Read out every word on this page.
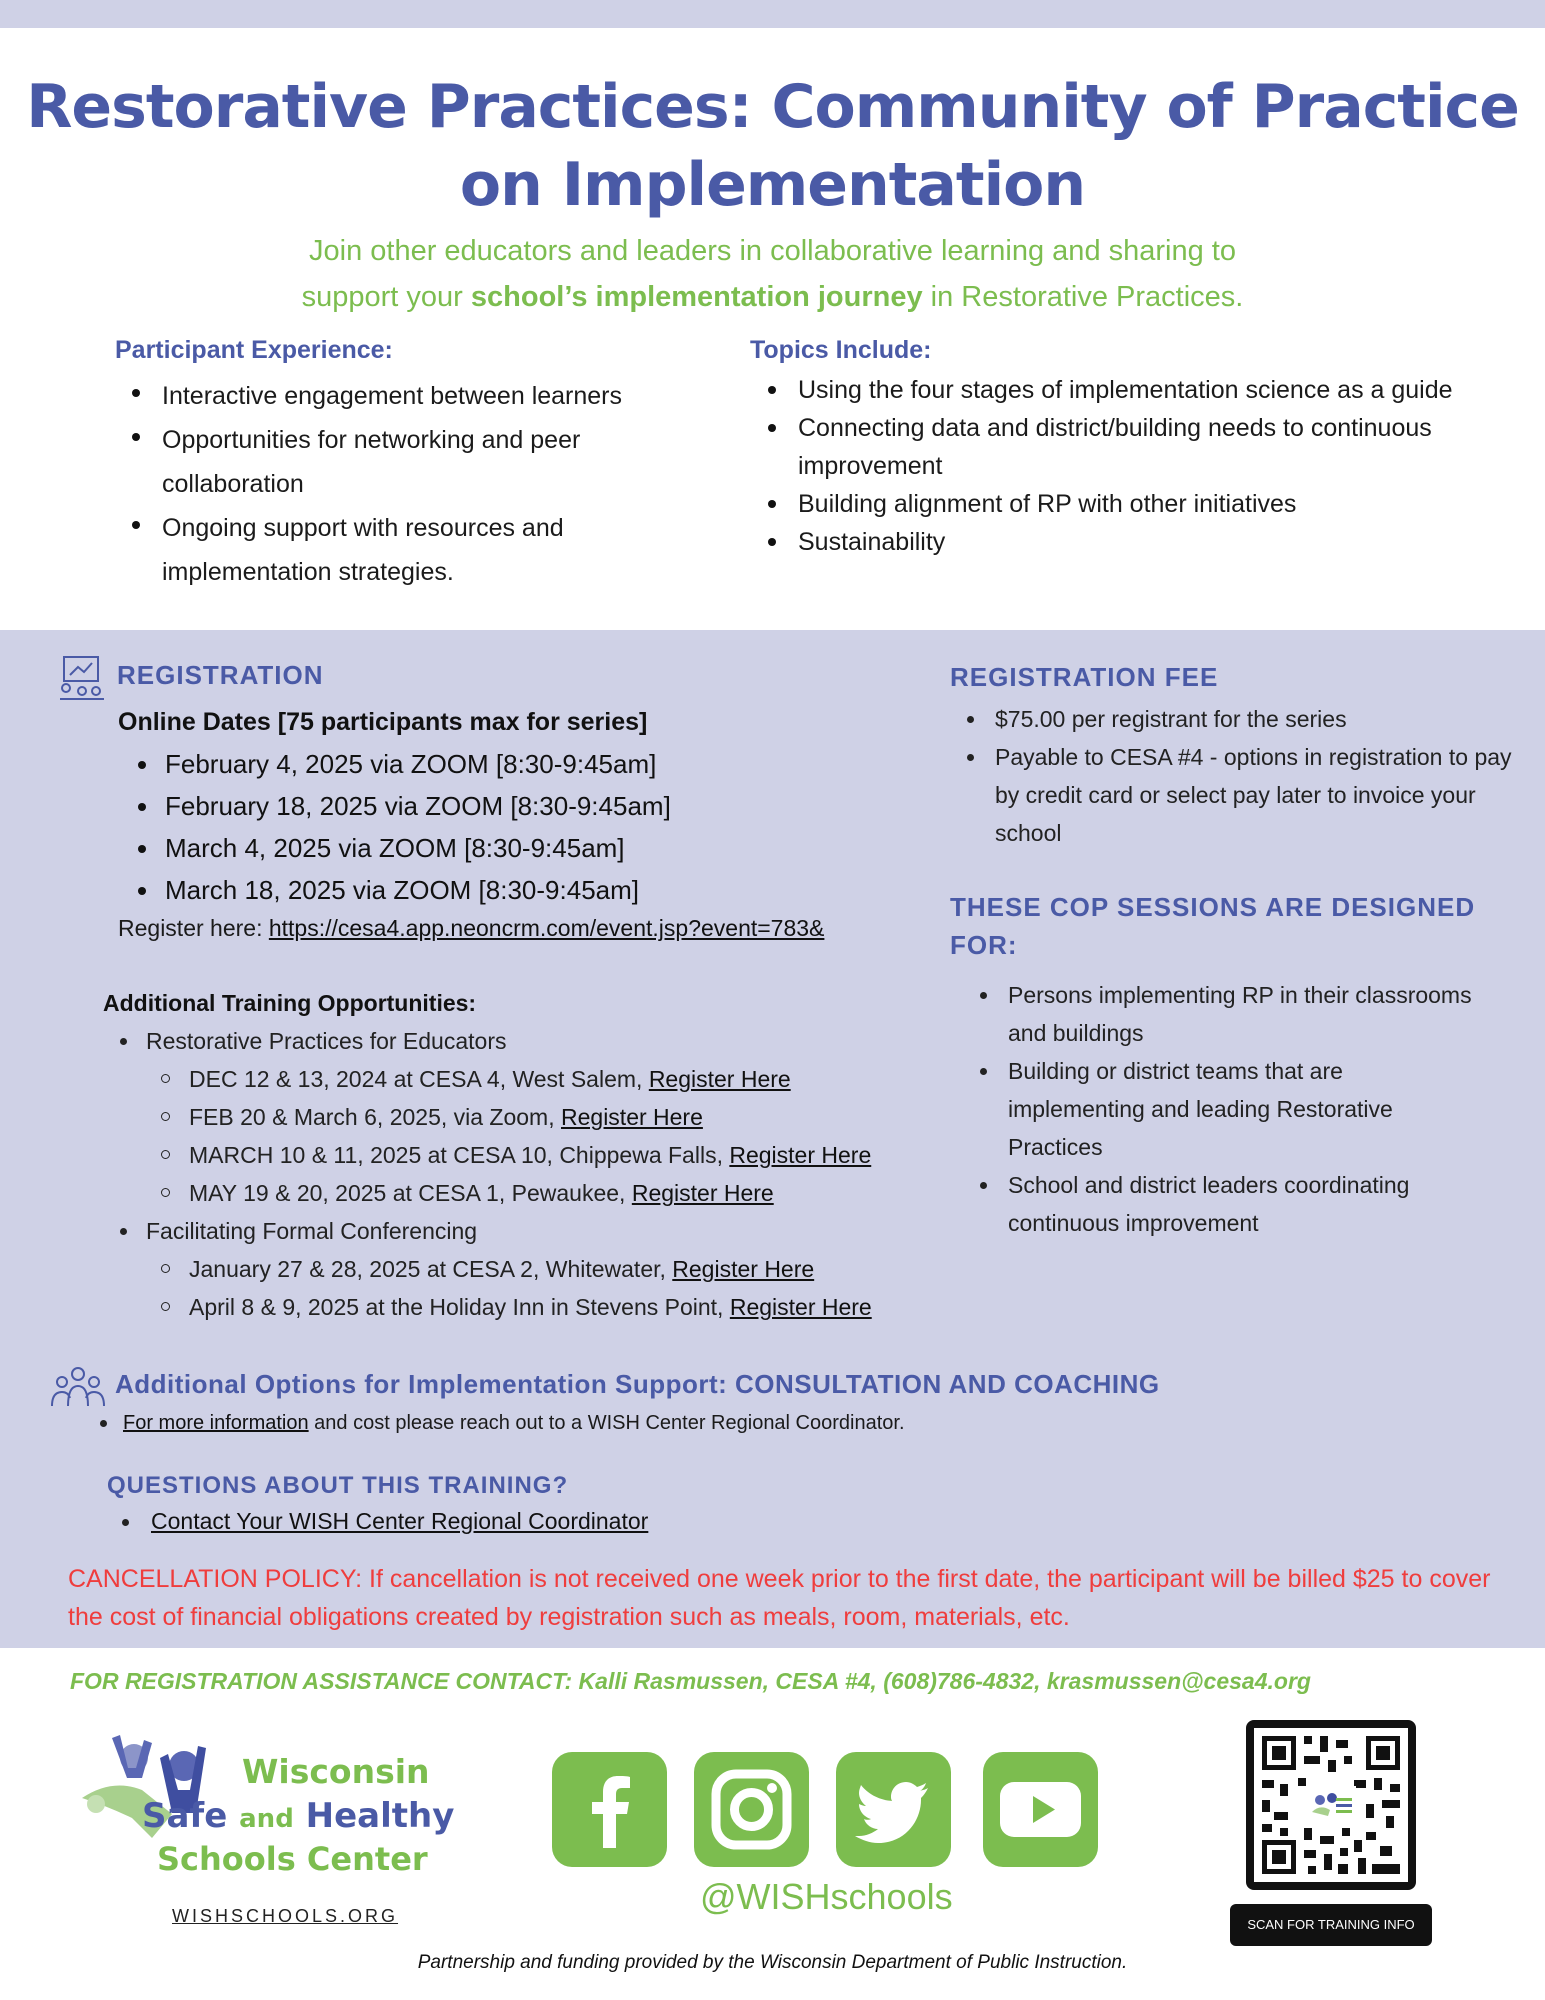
Restorative Practices: Community of Practice
on Implementation
Join other educators and leaders in collaborative learning and sharing to
support your school’s implementation journey in Restorative Practices.
Participant Experience:
Interactive engagement between learners
Opportunities for networking and peer collaboration
Ongoing support with resources and implementation strategies.
Topics Include:
Using the four stages of implementation science as a guide
Connecting data and district/building needs to continuous improvement
Building alignment of RP with other initiatives
Sustainability
REGISTRATION
Online Dates [75 participants max for series]
February 4, 2025 via ZOOM [8:30-9:45am]
February 18, 2025 via ZOOM [8:30-9:45am]
March 4, 2025 via ZOOM [8:30-9:45am]
March 18, 2025 via ZOOM [8:30-9:45am]
Register here: https://cesa4.app.neoncrm.com/event.jsp?event=783&
Additional Training Opportunities:
Restorative Practices for Educators
DEC 12 & 13, 2024 at CESA 4, West Salem, Register Here
FEB 20 & March 6, 2025, via Zoom, Register Here
MARCH 10 & 11, 2025 at CESA 10, Chippewa Falls, Register Here
MAY 19 & 20, 2025 at CESA 1, Pewaukee, Register Here
Facilitating Formal Conferencing
January 27 & 28, 2025 at CESA 2, Whitewater, Register Here
April 8 & 9, 2025 at the Holiday Inn in Stevens Point, Register Here
REGISTRATION FEE
$75.00 per registrant for the series
Payable to CESA #4 - options in registration to pay by credit card or select pay later to invoice your school
THESE COP SESSIONS ARE DESIGNED FOR:
Persons implementing RP in their classrooms and buildings
Building or district teams that are implementing and leading Restorative Practices
School and district leaders coordinating continuous improvement
Additional Options for Implementation Support: CONSULTATION AND COACHING
For more information and cost please reach out to a WISH Center Regional Coordinator.
QUESTIONS ABOUT THIS TRAINING?
Contact Your WISH Center Regional Coordinator
CANCELLATION POLICY: If cancellation is not received one week prior to the first date, the participant will be billed $25 to cover the cost of financial obligations created by registration such as meals, room, materials, etc.
FOR REGISTRATION ASSISTANCE CONTACT: Kalli Rasmussen, CESA #4, (608)786-4832, krasmussen@cesa4.org
Wisconsin
Safe and Healthy
Schools Center
WISHSCHOOLS.ORG	@WISHschools
SCAN FOR TRAINING INFO
Partnership and funding provided by the Wisconsin Department of Public Instruction.
